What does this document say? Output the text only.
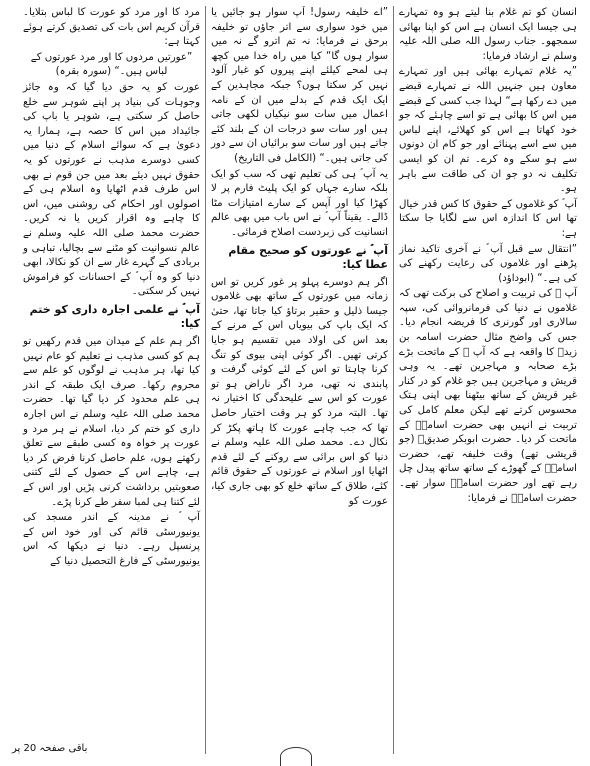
انسان کو تم غلام بنا لیتے ہو وہ تمہارے ہی جیسا ایک انسان ہے اس کو اپنا بھائی سمجھو۔ جناب رسول اللہ صلی اللہ علیہ وسلم نے ارشاد فرمایا:

”یہ غلام تمہارے بھائی ہیں اور تمہارے معاون ہیں جنہیں اللہ نے تمہارے قبضے میں دے رکھا ہے“ لہذا جب کسی کے قبضے میں اس کا بھائی ہے تو اسے چاہئے کہ جو خود کھاتا ہے اس کو کھلائے، اپنے لباس میں سے اسے پہنائے اور جو کام ان دونوں سے ہو سکے وہ کرے۔ تم ان کو ایسی تکلیف نہ دو جو ان کی طاقت سے باہر ہو۔

آپ ؐ کو غلاموں کے حقوق کا کس قدر خیال تھا اس کا اندازہ اس سے لگایا جا سکتا ہے:

”انتقال سے قبل آپ ؐ نے آخری تاکید نماز پڑھنے اور غلاموں کی رعایت رکھنے کی کی ہے۔“ (ابوداؤد)

آپ ؐ کی تربیت و اصلاح کی برکت تھی کہ غلاموں نے دنیا کی فرمانروائی کی، سپہ سالاری اور گورنری کا فریضہ انجام دیا۔ جس کی واضح مثال حضرت اسامہ بن زیدؓ کا واقعہ ہے کہ آپ ؐ کے ماتحت بڑے بڑے صحابہ و مہاجرین تھے۔ یہ وہی قریش و مہاجرین ہیں جو غلام کو در کنار غیر قریش کے ساتھ بیٹھنا بھی اپنی ہتک محسوس کرتے تھے لیکن معلم کامل کی تربیت نے انہیں بھی حضرت اسامہؓ کے ماتحت کر دیا۔ حضرت ابوبکر صدیقؓ (جو قریشی تھے) وقت خلیفہ تھے، حضرت اسامہؓ کے گھوڑے کے ساتھ ساتھ پیدل چل رہے تھے اور حضرت اسامہؓ سوار تھے۔ حضرت اسامہؓ نے فرمایا:

”اے خلیفہ رسول! آپ سوار ہو جائیں یا میں خود سواری سے اتر جاؤں تو خلیفہ برحق نے فرمایا: نہ تم اترو گے نہ میں سوار ہوں گا“ کیا میں راہ خدا میں کچھ ہی لمحے کیلئے اپنے پیروں کو غبار آلود نہیں کر سکتا ہوں؟ جبکہ مجاہدین کے ایک ایک قدم کے بدلے میں ان کے نامہ اعمال میں سات سو نیکیاں لکھی جاتی ہیں اور سات سو درجات ان کے بلند کئے جاتے ہیں اور سات سو برائیاں ان سے دور کی جاتی ہیں۔“ (الکامل فی التاریخ)

یہ آپ ؐ ہی کی تعلیم تھی کہ سب کو ایک بلکہ سارے جہاں کو ایک پلیٹ فارم پر لا کھڑا کیا اور آپس کے سارے امتیازات مٹا ڈالے۔ یقیناً آپ ؐ نے اس باب میں بھی عالم انسانیت کی زبردست اصلاح فرمائی۔

آپ ؐ نے عورتوں کو صحیح مقام عطا کیا:

اگر ہم دوسرے پہلو پر غور کریں تو اس زمانہ میں عورتوں کے ساتھ بھی غلاموں جیسا ذلیل و حقیر برتاؤ کیا جاتا تھا، حتیٰ کہ ایک باپ کی بیویاں اس کے مرنے کے بعد اس کی اولاد میں تقسیم ہو جایا کرتی تھیں۔ اگر کوئی اپنی بیوی کو تنگ کرنا چاہتا تو اس کے لئے کوئی گرفت و پابندی نہ تھی، مرد اگر ناراض ہو تو عورت کو اس سے علیحدگی کا اختیار نہ تھا۔ البتہ مرد کو ہر وقت اختیار حاصل تھا کہ جب چاہے عورت کا ہاتھ پکڑ کر نکال دے۔ محمد صلی اللہ علیہ وسلم نے دنیا کو اس برائی سے روکنے کے لئے قدم اٹھایا اور اسلام نے عورتوں کے حقوق قائم کئے، طلاق کے ساتھ خلع کو بھی جاری کیا، عورت کو

مرد کا اور مرد کو عورت کا لباس بتلایا۔ قرآن کریم اس بات کی تصدیق کرتے ہوئے کہتا ہے:

”عورتیں مردوں کا اور مرد عورتوں کے لباس ہیں۔“ (سورہ بقرہ)

عورت کو یہ حق دیا گیا کہ وہ جائز وجوہات کی بنیاد پر اپنے شوہر سے خلع حاصل کر سکتی ہے، شوہر یا باپ کی جائیداد میں اس کا حصہ ہے، ہمارا یہ دعویٰ ہے کہ سوائے اسلام کے دنیا میں کسی دوسرے مذہب نے عورتوں کو یہ حقوق نہیں دیئے بعد میں جن قوم نے بھی اس طرف قدم اٹھایا وہ اسلام ہی کے اصولوں اور احکام کی روشنی میں، اس کا چاہے وہ اقرار کریں یا نہ کریں۔ حضرت محمد صلی اللہ علیہ وسلم نے عالم نسوانیت کو مٹنے سے بچالیا، تباہی و بربادی کے گہرے غار سے ان کو نکالا، ابھی دنیا کو وہ آپ ؐ کے احسانات کو فراموش نہیں کر سکتی۔

آپ ؐ نے علمی اجارہ داری کو ختم کیا:

اگر ہم علم کے میدان میں قدم رکھیں تو ہم کو کسی مذہب نے تعلیم کو عام نہیں کیا تھا، ہر مذہب نے لوگوں کو علم سے محروم رکھا۔ صرف ایک طبقہ کے اندر ہی علم محدود کر دیا گیا تھا۔ حضرت محمد صلی اللہ علیہ وسلم نے اس اجارہ داری کو ختم کر دیا، اسلام نے ہر مرد و عورت پر خواہ وہ کسی طبقے سے تعلق رکھتے ہوں، علم حاصل کرنا فرض کر دیا ہے، چاہے اس کے حصول کے لئے کتنی صعوبتیں برداشت کرنی پڑیں اور اس کے لئے کتنا ہی لمبا سفر طے کرنا پڑے۔

آپ ؐ نے مدینہ کے اندر مسجد کی یونیورسٹی قائم کی اور خود اس کے پرنسپل رہے۔ دنیا نے دیکھا کہ اس یونیورسٹی کے فارغ التحصیل دنیا کے

باقی صفحہ 20 پر
